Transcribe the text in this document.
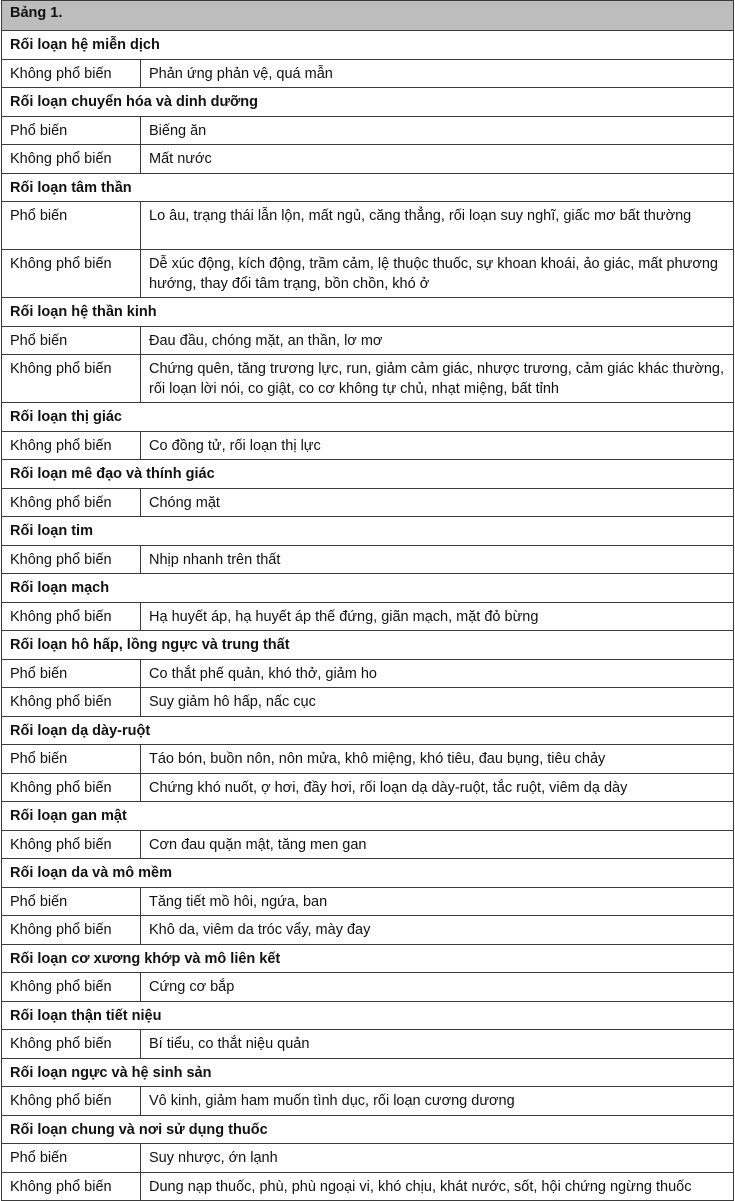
Bảng 1.	
Rối loạn hệ miễn dịch	
Không phổ biến	Phản ứng phản vệ, quá mẫn
Rối loạn chuyển hóa và dinh dưỡng	
Phổ biến	Biếng ăn
Không phổ biến	Mất nước
Rối loạn tâm thần	
Phổ biến	Lo âu, trạng thái lẫn lộn, mất ngủ, căng thẳng, rối loạn suy nghĩ, giấc mơ bất thường
Không phổ biến	Dễ xúc động, kích động, trầm cảm, lệ thuộc thuốc, sự khoan khoái, ảo giác, mất phương hướng, thay đổi tâm trạng, bồn chồn, khó ở
Rối loạn hệ thần kinh	
Phổ biến	Đau đầu, chóng mặt, an thần, lơ mơ
Không phổ biến	Chứng quên, tăng trương lực, run, giảm cảm giác, nhược trương, cảm giác khác thường, rối loạn lời nói, co giật, co cơ không tự chủ, nhạt miệng, bất tỉnh
Rối loạn thị giác	
Không phổ biến	Co đồng tử, rối loạn thị lực
Rối loạn mê đạo và thính giác	
Không phổ biến	Chóng mặt
Rối loạn tim	
Không phổ biến	Nhịp nhanh trên thất
Rối loạn mạch	
Không phổ biến	Hạ huyết áp, hạ huyết áp thế đứng, giãn mạch, mặt đỏ bừng
Rối loạn hô hấp, lồng ngực và trung thất	
Phổ biến	Co thắt phế quản, khó thở, giảm ho
Không phổ biến	Suy giảm hô hấp, nấc cục
Rối loạn dạ dày-ruột	
Phổ biến	Táo bón, buồn nôn, nôn mửa, khô miệng, khó tiêu, đau bụng, tiêu chảy
Không phổ biến	Chứng khó nuốt, ợ hơi, đầy hơi, rối loạn dạ dày-ruột, tắc ruột, viêm dạ dày
Rối loạn gan mật	
Không phổ biến	Cơn đau quặn mật, tăng men gan
Rối loạn da và mô mềm	
Phổ biến	Tăng tiết mồ hôi, ngứa, ban
Không phổ biến	Khô da, viêm da tróc vẩy, mày đay
Rối loạn cơ xương khớp và mô liên kết	
Không phổ biến	Cứng cơ bắp
Rối loạn thận tiết niệu	
Không phổ biến	Bí tiểu, co thắt niệu quản
Rối loạn ngực và hệ sinh sản	
Không phổ biến	Vô kinh, giảm ham muốn tình dục, rối loạn cương dương
Rối loạn chung và nơi sử dụng thuốc	
Phổ biến	Suy nhược, ớn lạnh
Không phổ biến	Dung nạp thuốc, phù, phù ngoại vi, khó chịu, khát nước, sốt, hội chứng ngừng thuốc
